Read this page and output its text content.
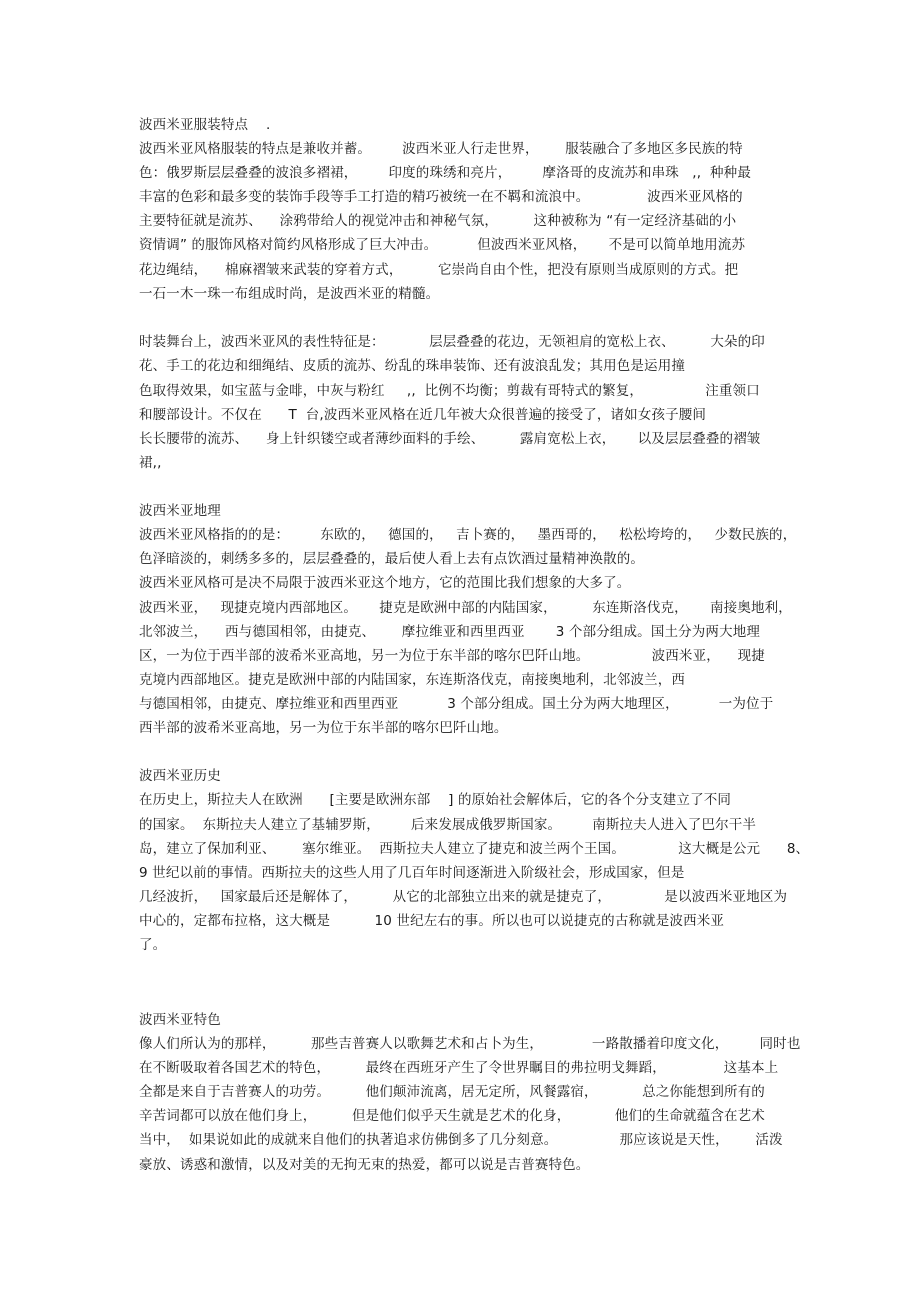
波西米亚服装特点    .
波西米亚风格服装的特点是兼收并蓄。       波西米亚人行走世界，      服装融合了多地区多民族的特
色：俄罗斯层层叠叠的波浪多褶裙，       印度的珠绣和亮片，       摩洛哥的皮流苏和串珠   ,,  种种最
丰富的色彩和最多变的装饰手段等手工打造的精巧被统一在不羁和流浪中。             波西米亚风格的
主要特征就是流苏、    涂鸦带给人的视觉冲击和神秘气氛，        这种被称为 “有一定经济基础的小
资情调” 的服饰风格对简约风格形成了巨大冲击。         但波西米亚风格，     不是可以简单地用流苏
花边绳结，    棉麻褶皱来武装的穿着方式，        它崇尚自由个性，把没有原则当成原则的方式。把
一石一木一珠一布组成时尚，是波西米亚的精髓。
时装舞台上，波西米亚风的表性特征是：          层层叠叠的花边，无领袒肩的宽松上衣、        大朵的印
花、手工的花边和细绳结、皮质的流苏、纷乱的珠串装饰、还有波浪乱发；其用色是运用撞
色取得效果，如宝蓝与金啡，中灰与粉红     ,,  比例不均衡；剪裁有哥特式的繁复，              注重领口
和腰部设计。不仅在      T  台,波西米亚风格在近几年被大众很普遍的接受了，诸如女孩子腰间
长长腰带的流苏、    身上针织镂空或者薄纱面料的手绘、        露肩宽松上衣，     以及层层叠叠的褶皱
裙,,
波西米亚地理
波西米亚风格指的的是：       东欧的，   德国的，   吉卜赛的，   墨西哥的，   松松垮垮的，   少数民族的，
色泽暗淡的，刺绣多多的，层层叠叠的，最后使人看上去有点饮酒过量精神涣散的。
波西米亚风格可是决不局限于波西米亚这个地方，它的范围比我们想象的大多了。
波西米亚，   现捷克境内西部地区。     捷克是欧洲中部的内陆国家，        东连斯洛伐克，     南接奥地利，
北邻波兰，    西与德国相邻，由捷克、      摩拉维亚和西里西亚       3 个部分组成。国土分为两大地理
区，一为位于西半部的波希米亚高地，另一为位于东半部的喀尔巴阡山地。              波西米亚，    现捷
克境内西部地区。捷克是欧洲中部的内陆国家，东连斯洛伐克，南接奥地利，北邻波兰，西
与德国相邻，由捷克、摩拉维亚和西里西亚           3 个部分组成。国土分为两大地理区，         一为位于
西半部的波希米亚高地，另一为位于东半部的喀尔巴阡山地。
波西米亚历史
在历史上，斯拉夫人在欧洲      [主要是欧洲东部    ] 的原始社会解体后，它的各个分支建立了不同
的国家。  东斯拉夫人建立了基辅罗斯，       后来发展成俄罗斯国家。       南斯拉夫人进入了巴尔干半
岛，建立了保加利亚、      塞尔维亚。  西斯拉夫人建立了捷克和波兰两个王国。            这大概是公元      8、
9 世纪以前的事情。西斯拉夫的这些人用了几百年时间逐渐进入阶级社会，形成国家，但是
几经波折，   国家最后还是解体了，        从它的北部独立出来的就是捷克了，            是以波西米亚地区为
中心的，定都布拉格，这大概是          10 世纪左右的事。所以也可以说捷克的古称就是波西米亚
了。
波西米亚特色
像人们所认为的那样，        那些吉普赛人以歌舞艺术和占卜为生，           一路散播着印度文化，       同时也
在不断吸取着各国艺术的特色，        最终在西班牙产生了令世界瞩目的弗拉明戈舞蹈，             这基本上
全都是来自于吉普赛人的功劳。        他们颠沛流离，居无定所，风餐露宿，          总之你能想到所有的
辛苦词都可以放在他们身上，        但是他们似乎天生就是艺术的化身，          他们的生命就蕴含在艺术
当中，  如果说如此的成就来自他们的执著追求仿佛倒多了几分刻意。              那应该说是天性，      活泼
豪放、诱惑和激情，以及对美的无拘无束的热爱，都可以说是吉普赛特色。
